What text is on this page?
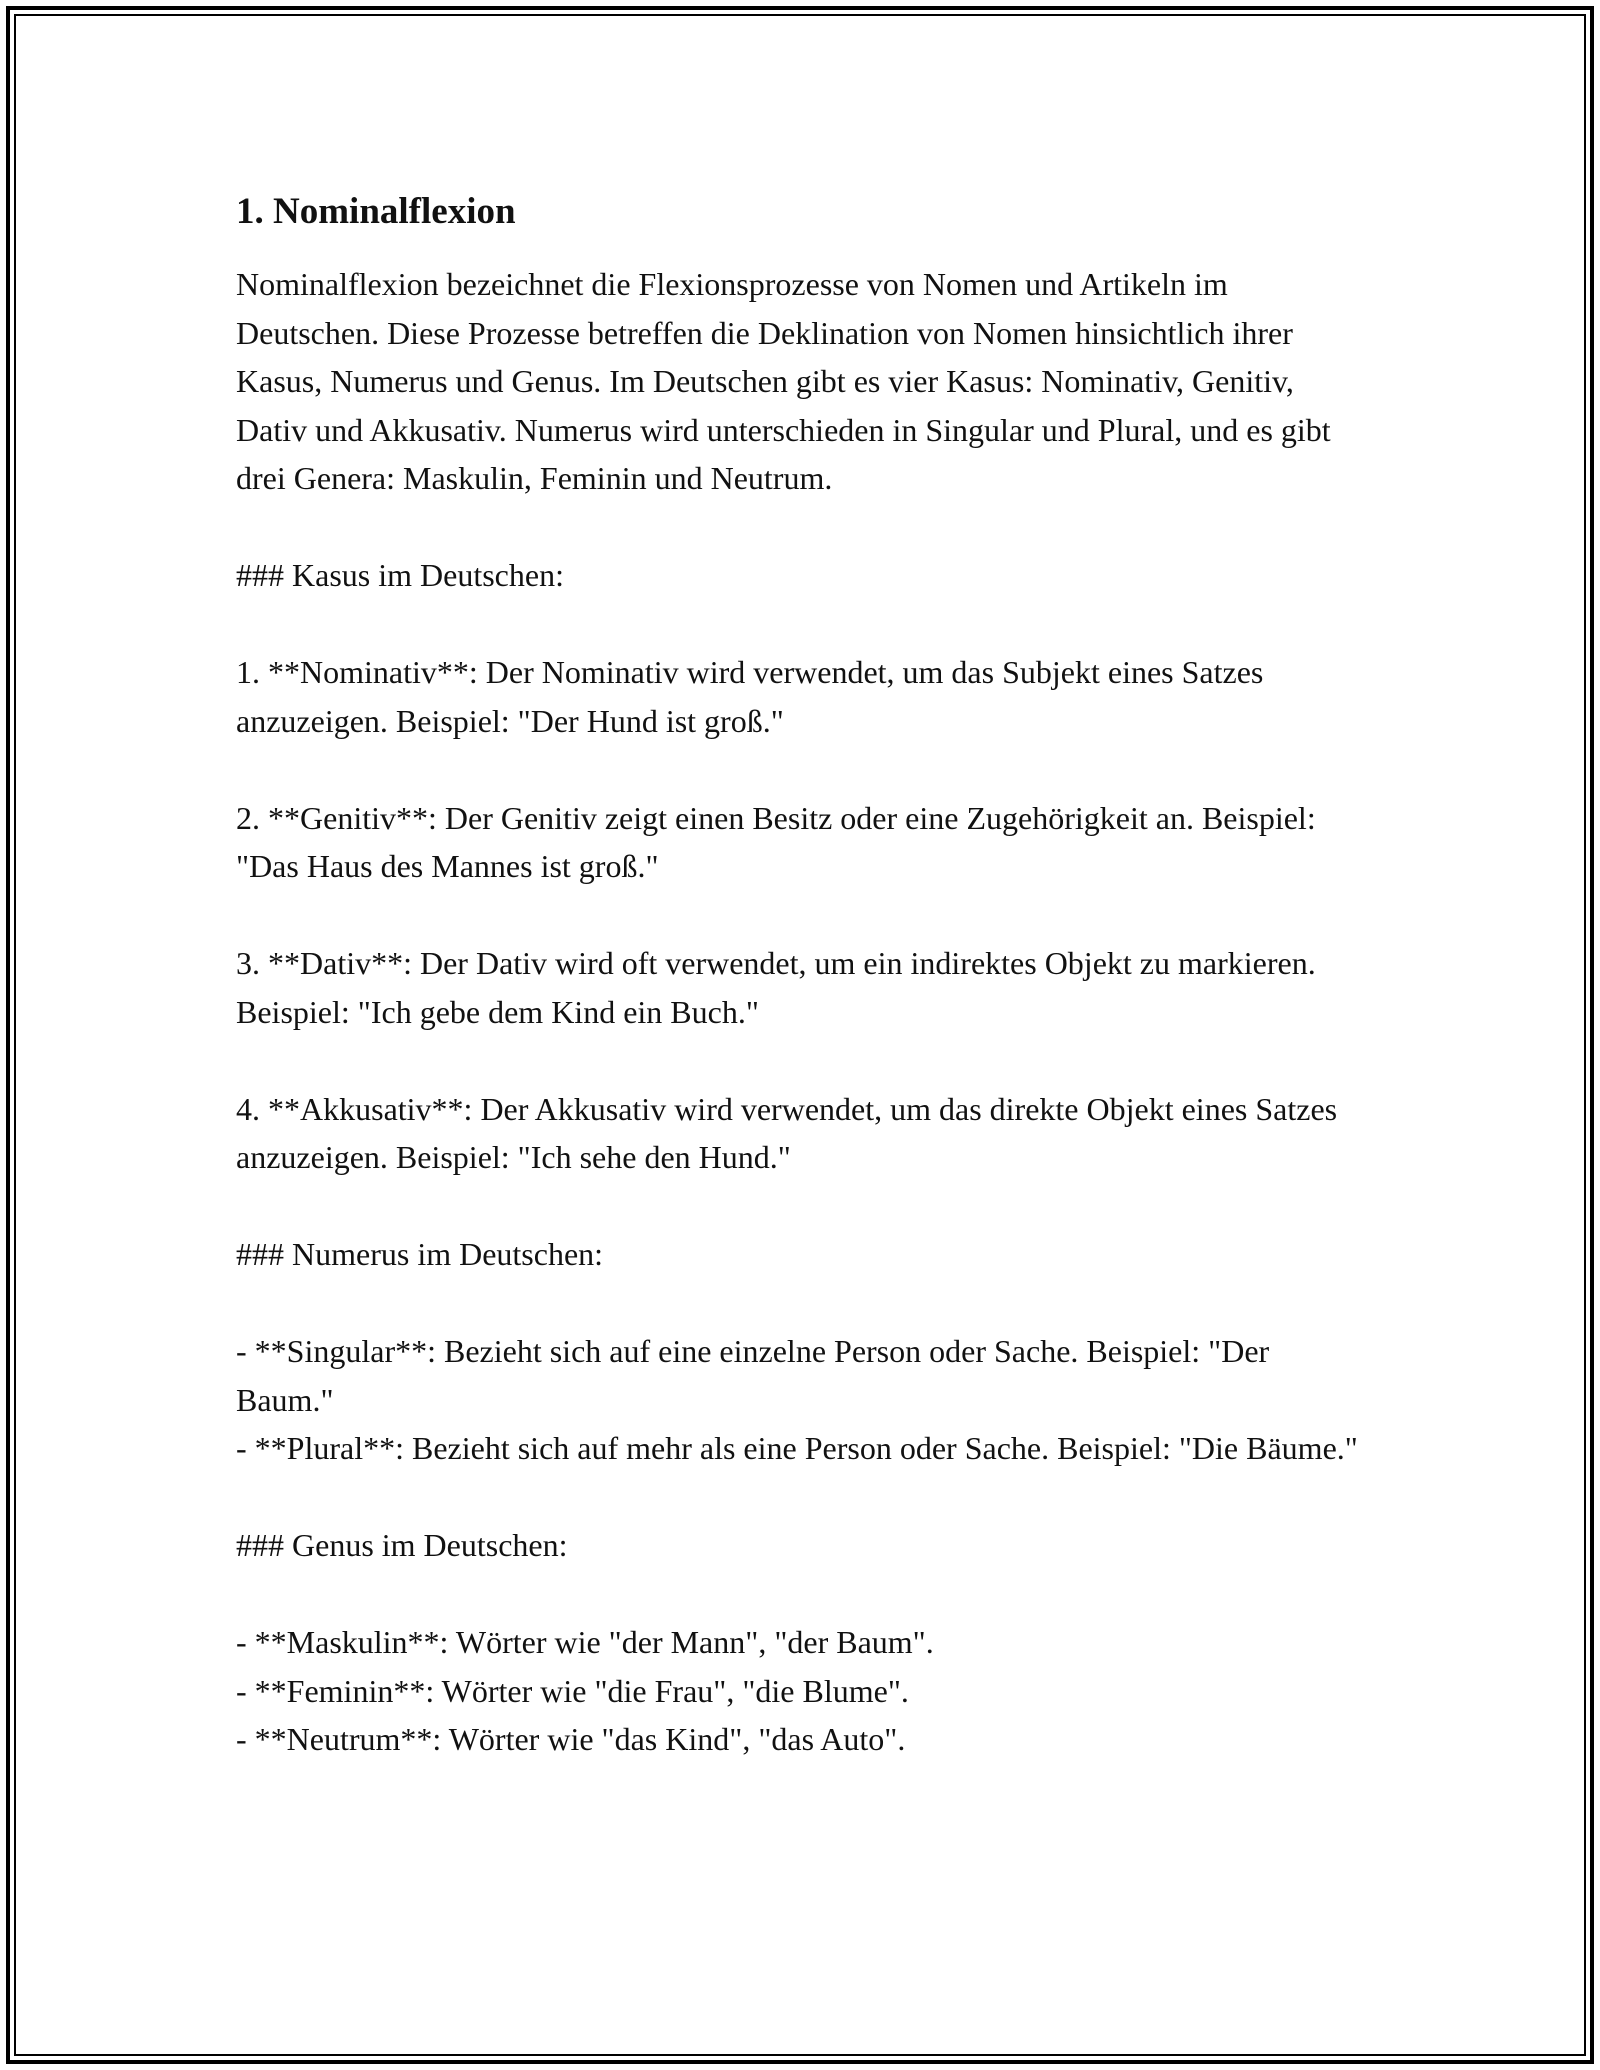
1. Nominalflexion

Nominalflexion bezeichnet die Flexionsprozesse von Nomen und Artikeln im Deutschen. Diese Prozesse betreffen die Deklination von Nomen hinsichtlich ihrer Kasus, Numerus und Genus. Im Deutschen gibt es vier Kasus: Nominativ, Genitiv, Dativ und Akkusativ. Numerus wird unterschieden in Singular und Plural, und es gibt drei Genera: Maskulin, Feminin und Neutrum.

### Kasus im Deutschen:

1. **Nominativ**: Der Nominativ wird verwendet, um das Subjekt eines Satzes anzuzeigen. Beispiel: "Der Hund ist groß."

2. **Genitiv**: Der Genitiv zeigt einen Besitz oder eine Zugehörigkeit an. Beispiel: "Das Haus des Mannes ist groß."

3. **Dativ**: Der Dativ wird oft verwendet, um ein indirektes Objekt zu markieren. Beispiel: "Ich gebe dem Kind ein Buch."

4. **Akkusativ**: Der Akkusativ wird verwendet, um das direkte Objekt eines Satzes anzuzeigen. Beispiel: "Ich sehe den Hund."

### Numerus im Deutschen:

- **Singular**: Bezieht sich auf eine einzelne Person oder Sache. Beispiel: "Der Baum."

- **Plural**: Bezieht sich auf mehr als eine Person oder Sache. Beispiel: "Die Bäume."

### Genus im Deutschen:

- **Maskulin**: Wörter wie "der Mann", "der Baum".

- **Feminin**: Wörter wie "die Frau", "die Blume".

- **Neutrum**: Wörter wie "das Kind", "das Auto".
